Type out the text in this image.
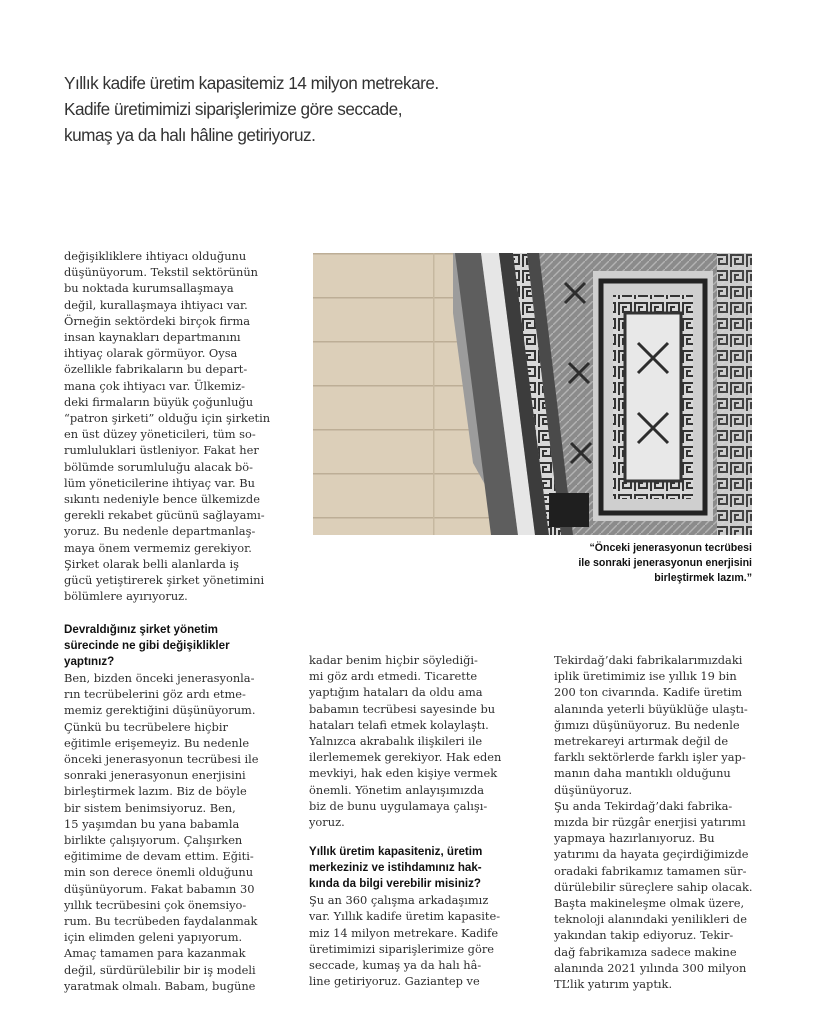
Yıllık kadife üretim kapasitemiz 14 milyon metrekare.
Kadife üretimimizi siparişlerimize göre seccade,
kumaş ya da halı hâline getiriyoruz.
değişikliklere ihtiyacı olduğunu
düşünüyorum. Tekstil sektörünün
bu noktada kurumsallaşmaya
değil, kurallaşmaya ihtiyacı var.
Örneğin sektördeki birçok firma
insan kaynakları departmanını
ihtiyaç olarak görmüyor. Oysa
özellikle fabrikaların bu depart-
mana çok ihtiyacı var. Ülkemiz-
deki firmaların büyük çoğunluğu
“patron şirketi” olduğu için şirketin
en üst düzey yöneticileri, tüm so-
rumluluklari üstleniyor. Fakat her
bölümde sorumluluğu alacak bö-
lüm yöneticilerine ihtiyaç var. Bu
sıkıntı nedeniyle bence ülkemizde
gerekli rekabet gücünü sağlayamı-
yoruz. Bu nedenle departmanlaş-
maya önem vermemiz gerekiyor.
Şirket olarak belli alanlarda iş
gücü yetiştirerek şirket yönetimini
bölümlere ayırıyoruz.
Devraldığınız şirket yönetim
sürecinde ne gibi değişiklikler
yaptınız?
Ben, bizden önceki jenerasyonla-
rın tecrübelerini göz ardı etme-
memiz gerektiğini düşünüyorum.
Çünkü bu tecrübelere hiçbir
eğitimle erişemeyiz. Bu nedenle
önceki jenerasyonun tecrübesi ile
sonraki jenerasyonun enerjisini
birleştirmek lazım. Biz de böyle
bir sistem benimsiyoruz. Ben,
15 yaşımdan bu yana babamla
birlikte çalışıyorum. Çalışırken
eğitimime de devam ettim. Eğiti-
min son derece önemli olduğunu
düşünüyorum. Fakat babamın 30
yıllık tecrübesini çok önemsiyo-
rum. Bu tecrübeden faydalanmak
için elimden geleni yapıyorum.
Amaç tamamen para kazanmak
değil, sürdürülebilir bir iş modeli
yaratmak olmalı. Babam, bugüne
“Önceki jenerasyonun tecrübesi
ile sonraki jenerasyonun enerjisini
birleştirmek lazım.”
kadar benim hiçbir söylediği-
mi göz ardı etmedi. Ticarette
yaptığım hataları da oldu ama
babamın tecrübesi sayesinde bu
hataları telafi etmek kolaylaştı.
Yalnızca akrabalık ilişkileri ile
ilerlememek gerekiyor. Hak eden
mevkiyi, hak eden kişiye vermek
önemli. Yönetim anlayışımızda
biz de bunu uygulamaya çalışı-
yoruz.
Yıllık üretim kapasiteniz, üretim
merkeziniz ve istihdamınız hak-
kında da bilgi verebilir misiniz?
Şu an 360 çalışma arkadaşımız
var. Yıllık kadife üretim kapasite-
miz 14 milyon metrekare. Kadife
üretimimizi siparişlerimize göre
seccade, kumaş ya da halı hâ-
line getiriyoruz. Gaziantep ve
Tekirdağ’daki fabrikalarımızdaki
iplik üretimimiz ise yıllık 19 bin
200 ton civarında. Kadife üretim
alanında yeterli büyüklüğe ulaştı-
ğımızı düşünüyoruz. Bu nedenle
metrekareyi artırmak değil de
farklı sektörlerde farklı işler yap-
manın daha mantıklı olduğunu
düşünüyoruz.
Şu anda Tekirdağ’daki fabrika-
mızda bir rüzgâr enerjisi yatırımı
yapmaya hazırlanıyoruz. Bu
yatırımı da hayata geçirdiğimizde
oradaki fabrikamız tamamen sür-
dürülebilir süreçlere sahip olacak.
Başta makineleşme olmak üzere,
teknoloji alanındaki yenilikleri de
yakından takip ediyoruz. Tekir-
dağ fabrikamıza sadece makine
alanında 2021 yılında 300 milyon
TL’lik yatırım yaptık.
